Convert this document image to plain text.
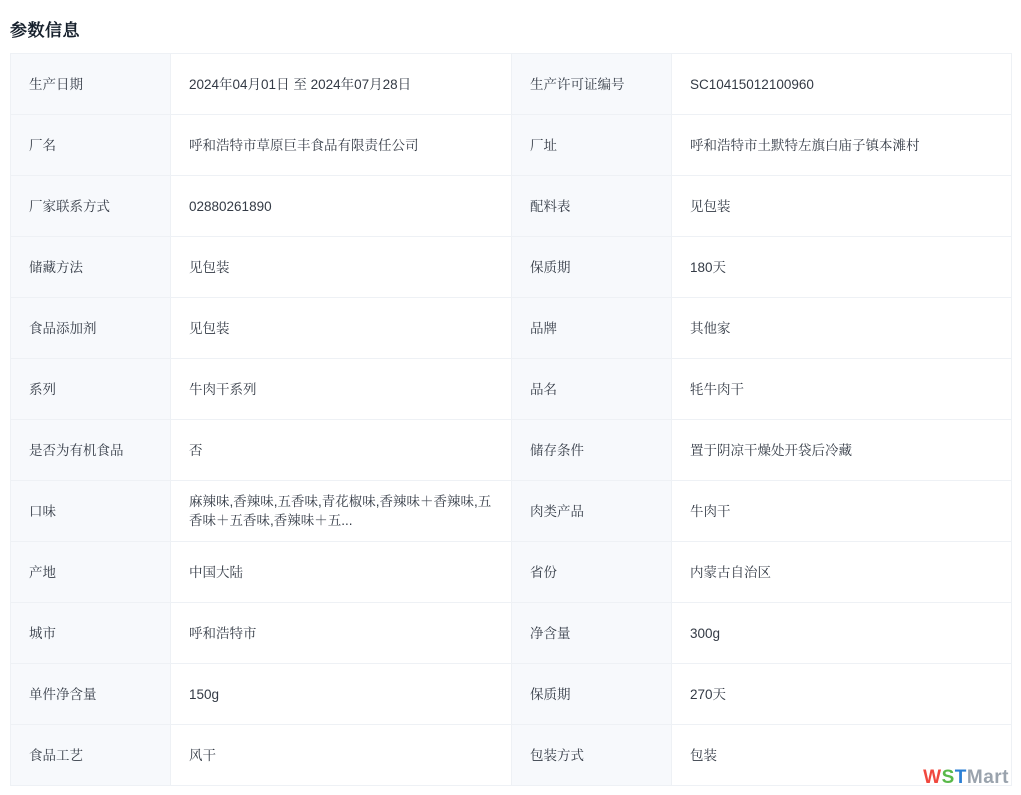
参数信息
生产日期	2024年04月01日 至 2024年07月28日	生产许可证编号	SC10415012100960
厂名	呼和浩特市草原巨丰食品有限责任公司	厂址	呼和浩特市土默特左旗白庙子镇本滩村
厂家联系方式	02880261890	配料表	见包装
储藏方法	见包装	保质期	180天
食品添加剂	见包装	品牌	其他家
系列	牛肉干系列	品名	牦牛肉干
是否为有机食品	否	储存条件	置于阴凉干燥处开袋后冷藏
口味	麻辣味,香辣味,五香味,青花椒味,香辣味＋香辣味,五香味＋五香味,香辣味＋五...	肉类产品	牛肉干
产地	中国大陆	省份	内蒙古自治区
城市	呼和浩特市	净含量	300g
单件净含量	150g	保质期	270天
食品工艺	风干	包装方式	包装
WSTMart
